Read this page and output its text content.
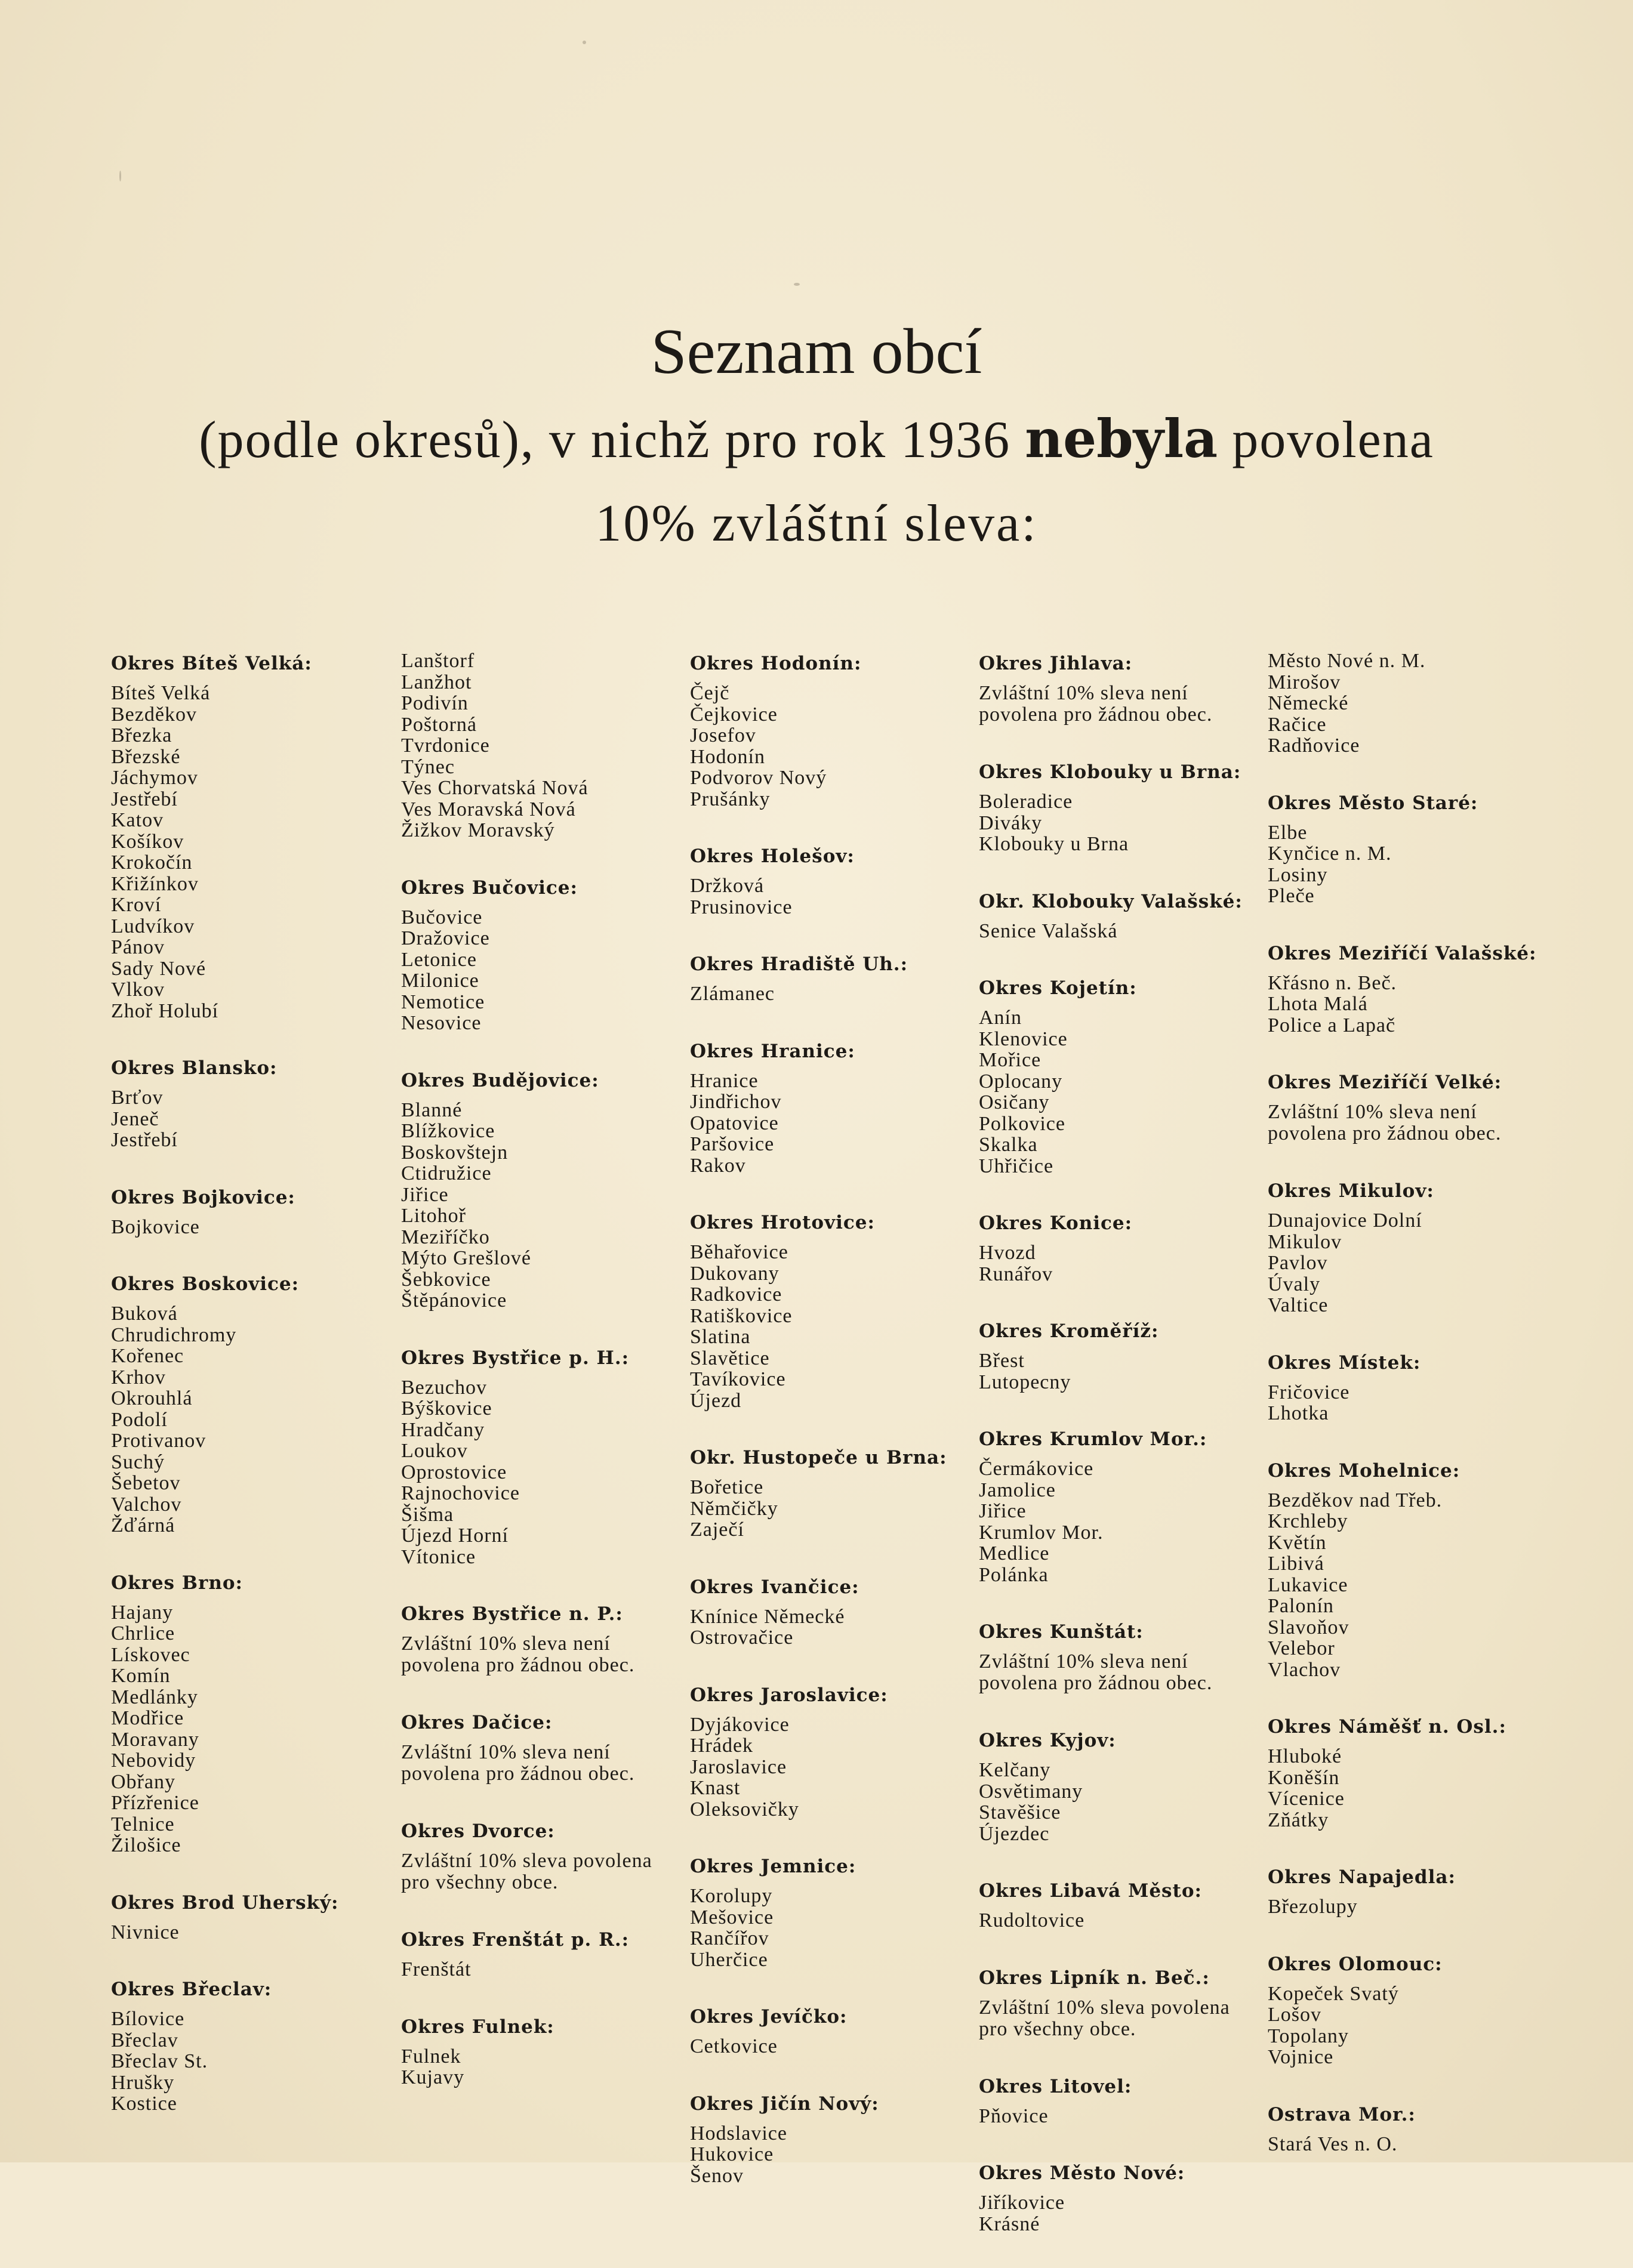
Seznam obcí
(podle okresů), v nichž pro rok 1936 nebyla povolena
10% zvláštní sleva:
Okres Bíteš Velká:
Bíteš Velká
Bezděkov
Březka
Březské
Jáchymov
Jestřebí
Katov
Košíkov
Krokočín
Křižínkov
Kroví
Ludvíkov
Pánov
Sady Nové
Vlkov
Zhoř Holubí
Okres Blansko:
Brťov
Jeneč
Jestřebí
Okres Bojkovice:
Bojkovice
Okres Boskovice:
Buková
Chrudichromy
Kořenec
Krhov
Okrouhlá
Podolí
Protivanov
Suchý
Šebetov
Valchov
Žďárná
Okres Brno:
Hajany
Chrlice
Lískovec
Komín
Medlánky
Modřice
Moravany
Nebovidy
Obřany
Přízřenice
Telnice
Žilošice
Okres Brod Uherský:
Nivnice
Okres Břeclav:
Bílovice
Břeclav
Břeclav St.
Hrušky
Kostice
Lanštorf
Lanžhot
Podivín
Poštorná
Tvrdonice
Týnec
Ves Chorvatská Nová
Ves Moravská Nová
Žižkov Moravský
Okres Bučovice:
Bučovice
Dražovice
Letonice
Milonice
Nemotice
Nesovice
Okres Budějovice:
Blanné
Blížkovice
Boskovštejn
Ctidružice
Jiřice
Litohoř
Meziříčko
Mýto Grešlové
Šebkovice
Štěpánovice
Okres Bystřice p. H.:
Bezuchov
Býškovice
Hradčany
Loukov
Oprostovice
Rajnochovice
Šišma
Újezd Horní
Vítonice
Okres Bystřice n. P.:
Zvláštní 10% sleva není povolena pro žádnou obec.
Okres Dačice:
Zvláštní 10% sleva není povolena pro žádnou obec.
Okres Dvorce:
Zvláštní 10% sleva povolena pro všechny obce.
Okres Frenštát p. R.:
Frenštát
Okres Fulnek:
Fulnek
Kujavy
Okres Hodonín:
Čejč
Čejkovice
Josefov
Hodonín
Podvorov Nový
Prušánky
Okres Holešov:
Držková
Prusinovice
Okres Hradiště Uh.:
Zlámanec
Okres Hranice:
Hranice
Jindřichov
Opatovice
Paršovice
Rakov
Okres Hrotovice:
Běhařovice
Dukovany
Radkovice
Ratiškovice
Slatina
Slavětice
Tavíkovice
Újezd
Okr. Hustopeče u Brna:
Bořetice
Němčičky
Zaječí
Okres Ivančice:
Knínice Německé
Ostrovačice
Okres Jaroslavice:
Dyjákovice
Hrádek
Jaroslavice
Knast
Oleksovičky
Okres Jemnice:
Korolupy
Mešovice
Rančířov
Uherčice
Okres Jevíčko:
Cetkovice
Okres Jičín Nový:
Hodslavice
Hukovice
Šenov
Okres Jihlava:
Zvláštní 10% sleva není povolena pro žádnou obec.
Okres Klobouky u Brna:
Boleradice
Diváky
Klobouky u Brna
Okr. Klobouky Valašské:
Senice Valašská
Okres Kojetín:
Anín
Klenovice
Mořice
Oplocany
Osičany
Polkovice
Skalka
Uhřičice
Okres Konice:
Hvozd
Runářov
Okres Kroměříž:
Břest
Lutopecny
Okres Krumlov Mor.:
Čermákovice
Jamolice
Jiřice
Krumlov Mor.
Medlice
Polánka
Okres Kunštát:
Zvláštní 10% sleva není povolena pro žádnou obec.
Okres Kyjov:
Kelčany
Osvětimany
Stavěšice
Újezdec
Okres Libavá Město:
Rudoltovice
Okres Lipník n. Beč.:
Zvláštní 10% sleva povolena pro všechny obce.
Okres Litovel:
Pňovice
Okres Město Nové:
Jiříkovice
Krásné
Město Nové n. M.
Mirošov
Německé
Račice
Radňovice
Okres Město Staré:
Elbe
Kynčice n. M.
Losiny
Pleče
Okres Meziříčí Valašské:
Křásno n. Beč.
Lhota Malá
Police a Lapač
Okres Meziříčí Velké:
Zvláštní 10% sleva není povolena pro žádnou obec.
Okres Mikulov:
Dunajovice Dolní
Mikulov
Pavlov
Úvaly
Valtice
Okres Místek:
Fričovice
Lhotka
Okres Mohelnice:
Bezděkov nad Třeb.
Krchleby
Květín
Libivá
Lukavice
Palonín
Slavoňov
Velebor
Vlachov
Okres Náměšť n. Osl.:
Hluboké
Koněšín
Vícenice
Zňátky
Okres Napajedla:
Březolupy
Okres Olomouc:
Kopeček Svatý
Lošov
Topolany
Vojnice
Ostrava Mor.:
Stará Ves n. O.
